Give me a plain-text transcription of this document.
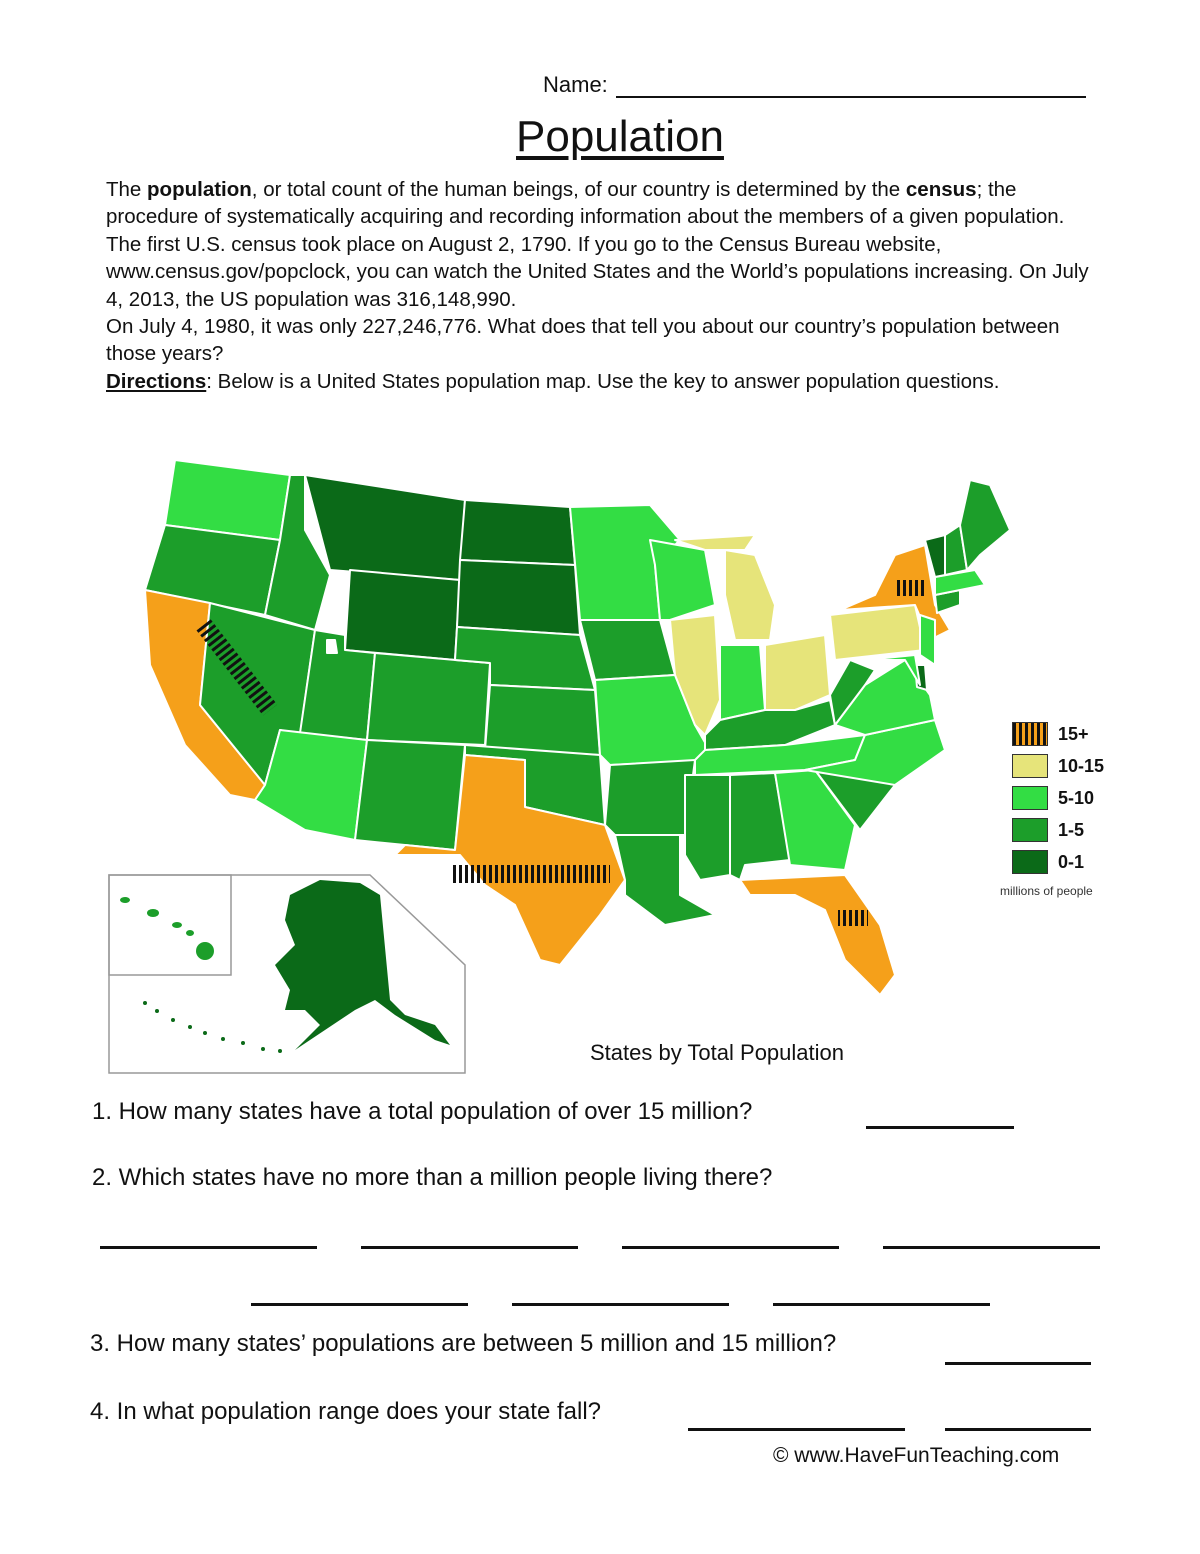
Name:
Population

The population, or total count of the human beings, of our country is determined by the census; the procedure of systematically acquiring and recording information about the members of a given population.

The first U.S. census took place on August 2, 1790. If you go to the Census Bureau website, www.census.gov/popclock, you can watch the United States and the World’s populations increasing. On July 4, 2013, the US population was 316,148,990.

On July 4, 1980, it was only 227,246,776. What does that tell you about our country’s population between those years?

Directions: Below is a United States population map. Use the key to answer population questions.

15+
10-15
5-10
1-5
0-1
millions of people
States by Total Population
1. How many states have a total population of over 15 million?
2. Which states have no more than a million people living there?
3. How many states’ populations are between 5 million and 15 million?
4. In what population range does your state fall?
© www.HaveFunTeaching.com
